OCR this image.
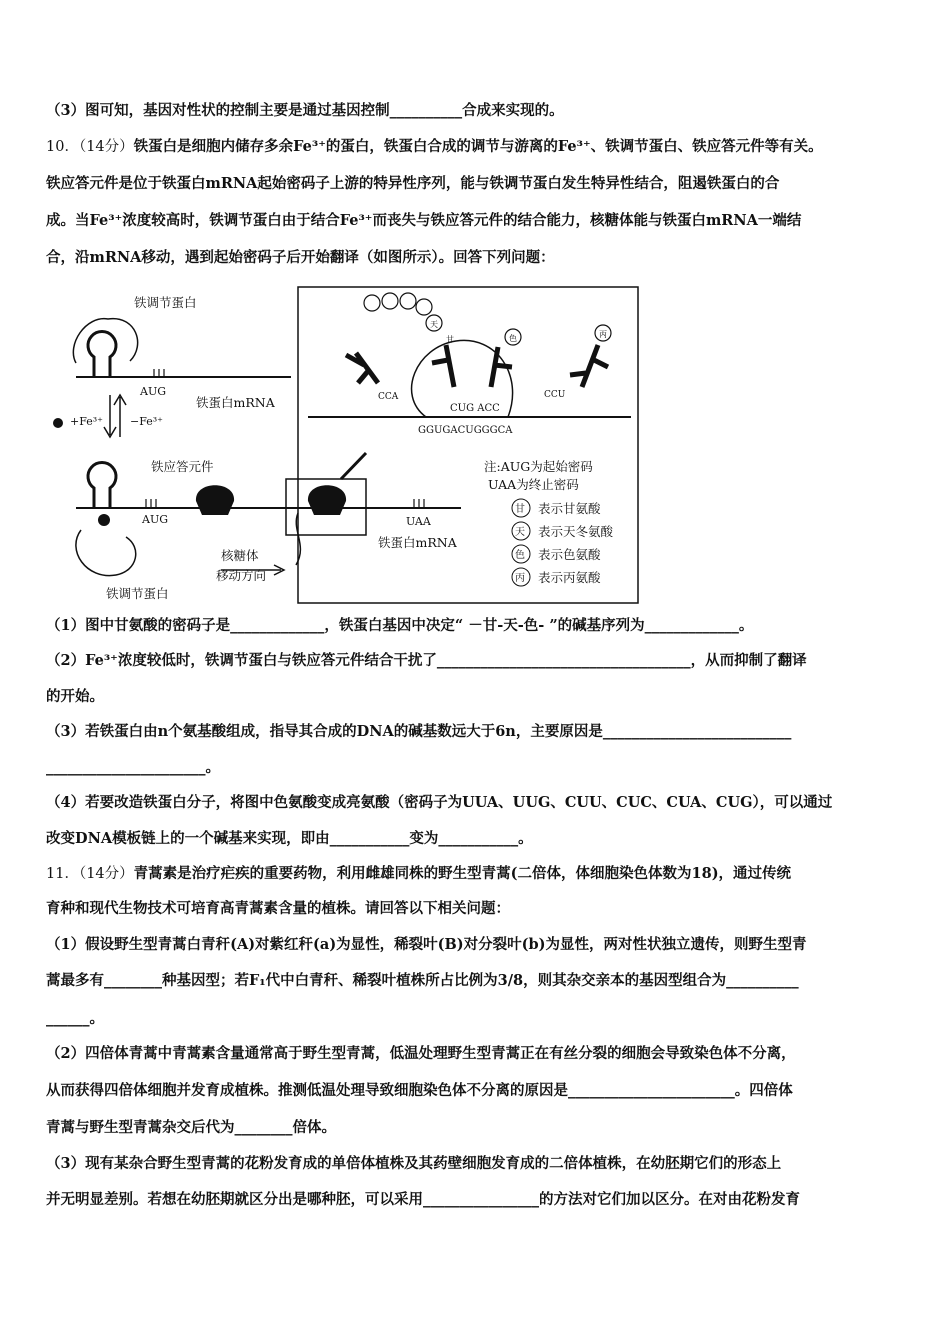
（3）图可知，基因对性状的控制主要是通过基因控制__________合成来实现的。
10．（14分）铁蛋白是细胞内储存多余Fe³⁺的蛋白，铁蛋白合成的调节与游离的Fe³⁺、铁调节蛋白、铁应答元件等有关。
铁应答元件是位于铁蛋白mRNA起始密码子上游的特异性序列，能与铁调节蛋白发生特异性结合，阻遏铁蛋白的合
成。当Fe³⁺浓度较高时，铁调节蛋白由于结合Fe³⁺而丧失与铁应答元件的结合能力，核糖体能与铁蛋白mRNA一端结
合，沿mRNA移动，遇到起始密码子后开始翻译（如图所示）。回答下列问题：
铁调节蛋白
AUG
铁蛋白mRNA
+Fe³⁺ −Fe³⁺
铁应答元件
AUG	UAA
铁蛋白mRNA
核糖体
移动方向
铁调节蛋白
CCA
CUG ACC
CCU
GGUGACUGGGCA
注:AUG为起始密码
UAA为终止密码
甘 表示甘氨酸
天 表示天冬氨酸
色 表示色氨酸
丙 表示丙氨酸
甘
天
色	丙
（1）图中甘氨酸的密码子是_____________，铁蛋白基因中决定“ －甘-天-色- ”的碱基序列为_____________。
（2）Fe³⁺浓度较低时，铁调节蛋白与铁应答元件结合干扰了___________________________________，从而抑制了翻译
的开始。
（3）若铁蛋白由n个氨基酸组成，指导其合成的DNA的碱基数远大于6n，主要原因是__________________________
______________________。
（4）若要改造铁蛋白分子，将图中色氨酸变成亮氨酸（密码子为UUA、UUG、CUU、CUC、CUA、CUG），可以通过
改变DNA模板链上的一个碱基来实现，即由___________变为___________。
11．（14分）青蒿素是治疗疟疾的重要药物，利用雌雄同株的野生型青蒿(二倍体，体细胞染色体数为18)，通过传统
育种和现代生物技术可培育高青蒿素含量的植株。请回答以下相关问题：
（1）假设野生型青蒿白青秆(A)对紫红秆(a)为显性，稀裂叶(B)对分裂叶(b)为显性，两对性状独立遗传，则野生型青
蒿最多有________种基因型；若F₁代中白青秆、稀裂叶植株所占比例为3/8，则其杂交亲本的基因型组合为__________
______。
（2）四倍体青蒿中青蒿素含量通常高于野生型青蒿，低温处理野生型青蒿正在有丝分裂的细胞会导致染色体不分离，
从而获得四倍体细胞并发育成植株。推测低温处理导致细胞染色体不分离的原因是_______________________。四倍体
青蒿与野生型青蒿杂交后代为________倍体。
（3）现有某杂合野生型青蒿的花粉发育成的单倍体植株及其药壁细胞发育成的二倍体植株，在幼胚期它们的形态上
并无明显差别。若想在幼胚期就区分出是哪种胚，可以采用________________的方法对它们加以区分。在对由花粉发育
